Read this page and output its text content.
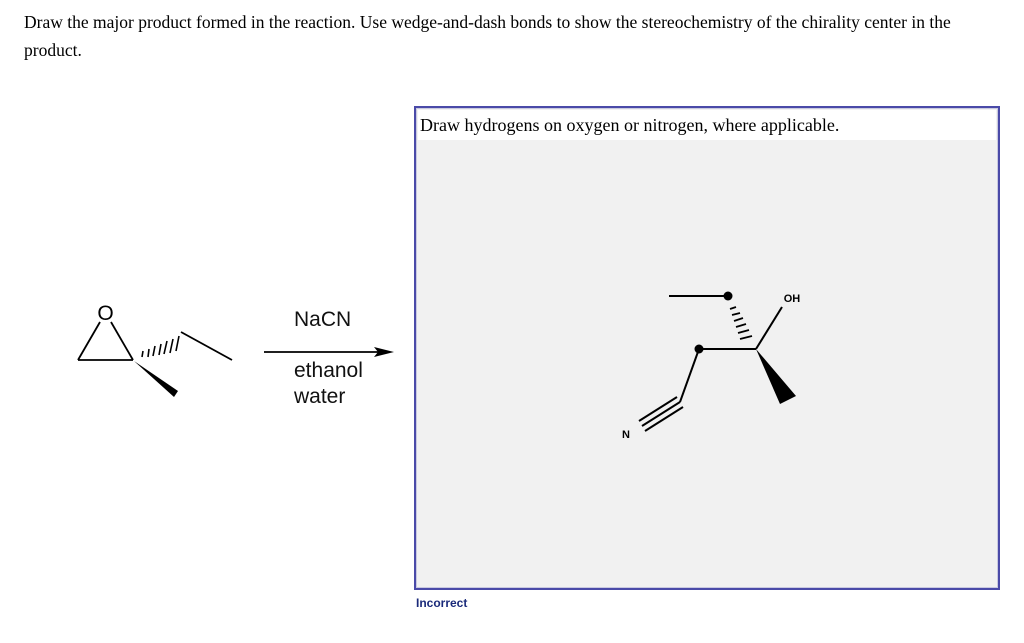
Draw the major product formed in the reaction. Use wedge-and-dash bonds to show the stereochemistry of the chirality center in the product.

O	NaCN
ethanol
water
Draw hydrogens on oxygen or nitrogen, where applicable.
OH
N
Incorrect
